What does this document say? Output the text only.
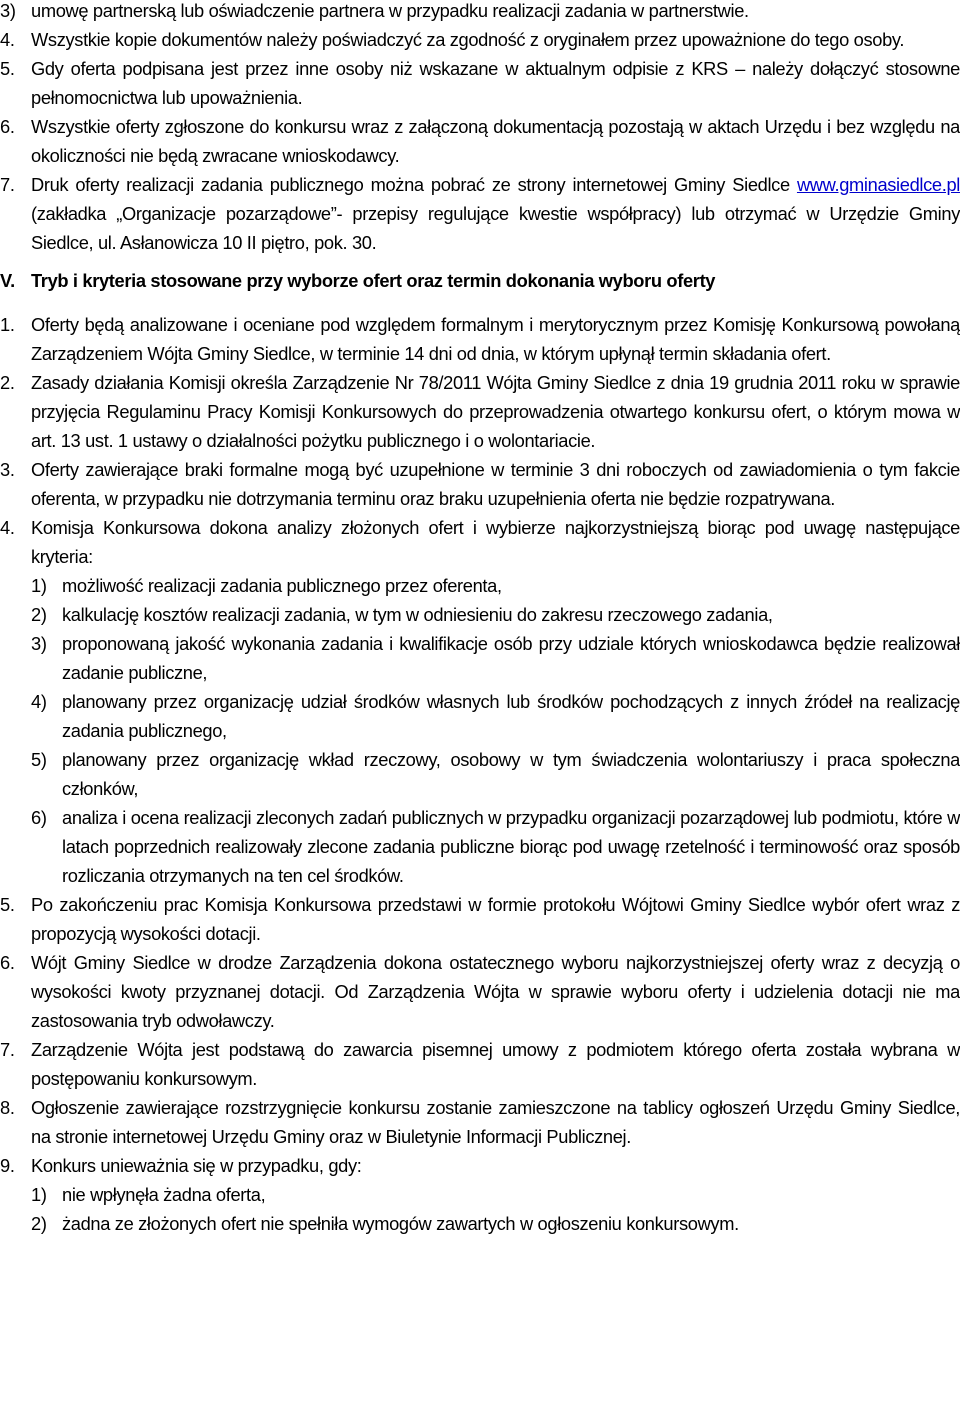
3) umowę partnerską lub oświadczenie partnera w przypadku realizacji zadania w partnerstwie.
4. Wszystkie kopie dokumentów należy poświadczyć za zgodność z oryginałem przez upoważnione do tego osoby.
5. Gdy oferta podpisana jest przez inne osoby niż wskazane w aktualnym odpisie z KRS – należy dołączyć stosowne pełnomocnictwa lub upoważnienia.
6. Wszystkie oferty zgłoszone do konkursu wraz z załączoną dokumentacją pozostają w aktach Urzędu i bez względu na okoliczności nie będą zwracane wnioskodawcy.
7. Druk oferty realizacji zadania publicznego można pobrać ze strony internetowej Gminy Siedlce www.gminasiedlce.pl (zakładka „Organizacje pozarządowe”- przepisy regulujące kwestie współpracy) lub otrzymać w Urzędzie Gminy Siedlce, ul. Asłanowicza 10 II piętro, pok. 30.
V. Tryb i kryteria stosowane przy wyborze ofert oraz termin dokonania wyboru oferty
1. Oferty będą analizowane i oceniane pod względem formalnym i merytorycznym przez Komisję Konkursową powołaną Zarządzeniem Wójta Gminy Siedlce, w terminie 14 dni od dnia, w którym upłynął termin składania ofert.
2. Zasady działania Komisji określa Zarządzenie Nr 78/2011 Wójta Gminy Siedlce z dnia 19 grudnia 2011 roku w sprawie przyjęcia Regulaminu Pracy Komisji Konkursowych do przeprowadzenia otwartego konkursu ofert, o którym mowa w art. 13 ust. 1 ustawy o działalności pożytku publicznego i o wolontariacie.
3. Oferty zawierające braki formalne mogą być uzupełnione w terminie 3 dni roboczych od zawiadomienia o tym fakcie oferenta, w przypadku nie dotrzymania terminu oraz braku uzupełnienia oferta nie będzie rozpatrywana.
4. Komisja Konkursowa dokona analizy złożonych ofert i wybierze najkorzystniejszą biorąc pod uwagę następujące kryteria:
1) możliwość realizacji zadania publicznego przez oferenta,
2) kalkulację kosztów realizacji zadania, w tym w odniesieniu do zakresu rzeczowego zadania,
3) proponowaną jakość wykonania zadania i kwalifikacje osób przy udziale których wnioskodawca będzie realizował zadanie publiczne,
4) planowany przez organizację udział środków własnych lub środków pochodzących z innych źródeł na realizację zadania publicznego,
5) planowany przez organizację wkład rzeczowy, osobowy w tym świadczenia wolontariuszy i praca społeczna członków,
6) analiza i ocena realizacji zleconych zadań publicznych w przypadku organizacji pozarządowej lub podmiotu, które w latach poprzednich realizowały zlecone zadania publiczne biorąc pod uwagę rzetelność i terminowość oraz sposób rozliczania otrzymanych na ten cel środków.
5. Po zakończeniu prac Komisja Konkursowa przedstawi w formie protokołu Wójtowi Gminy Siedlce wybór ofert wraz z propozycją wysokości dotacji.
6. Wójt Gminy Siedlce w drodze Zarządzenia dokona ostatecznego wyboru najkorzystniejszej oferty wraz z decyzją o wysokości kwoty przyznanej dotacji. Od Zarządzenia Wójta w sprawie wyboru oferty i udzielenia dotacji nie ma zastosowania tryb odwoławczy.
7. Zarządzenie Wójta jest podstawą do zawarcia pisemnej umowy z podmiotem którego oferta została wybrana w postępowaniu konkursowym.
8. Ogłoszenie zawierające rozstrzygnięcie konkursu zostanie zamieszczone na tablicy ogłoszeń Urzędu Gminy Siedlce, na stronie internetowej Urzędu Gminy oraz w Biuletynie Informacji Publicznej.
9. Konkurs unieważnia się w przypadku, gdy:
1) nie wpłynęła żadna oferta,
2) żadna ze złożonych ofert nie spełniła wymogów zawartych w ogłoszeniu konkursowym.
